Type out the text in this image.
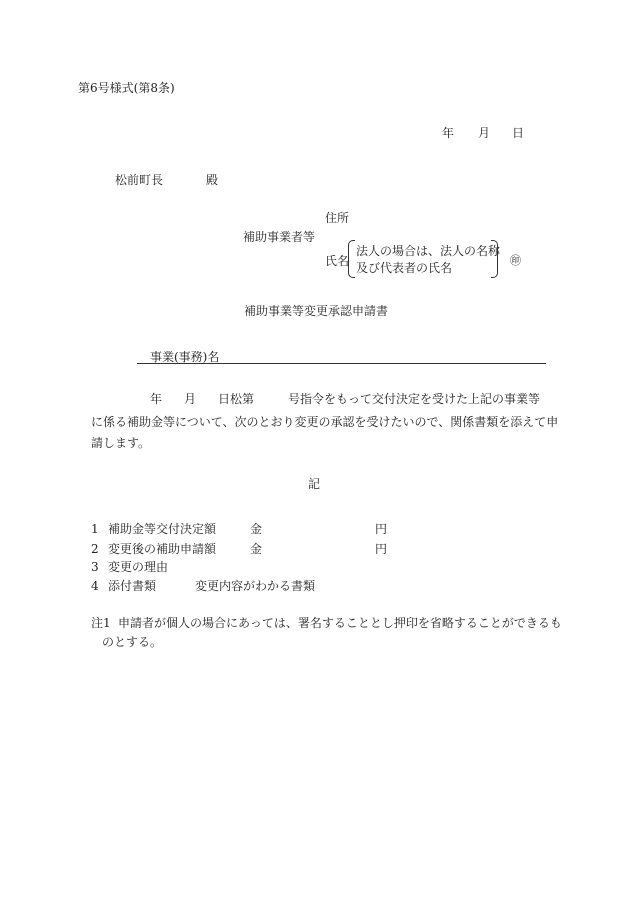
第6号様式(第8条)
年 月 日
松前町長	殿
住所
補助事業者等
氏名
法人の場合は、法人の名称
及び代表者の氏名
㊞
補助事業等変更承認申請書
事業(事務)名
年 月 日松第	号指令をもって交付決定を受けた上記の事業等
に係る補助金等について、次のとおり変更の承認を受けたいので、関係書類を添えて申
請します。
記
1 補助金等交付決定額	金	円
2 変更後の補助申請額	金	円
3 変更の理由
4 添付書類	変更内容がわかる書類
注1 申請者が個人の場合にあっては、署名することとし押印を省略することができるも
のとする。
